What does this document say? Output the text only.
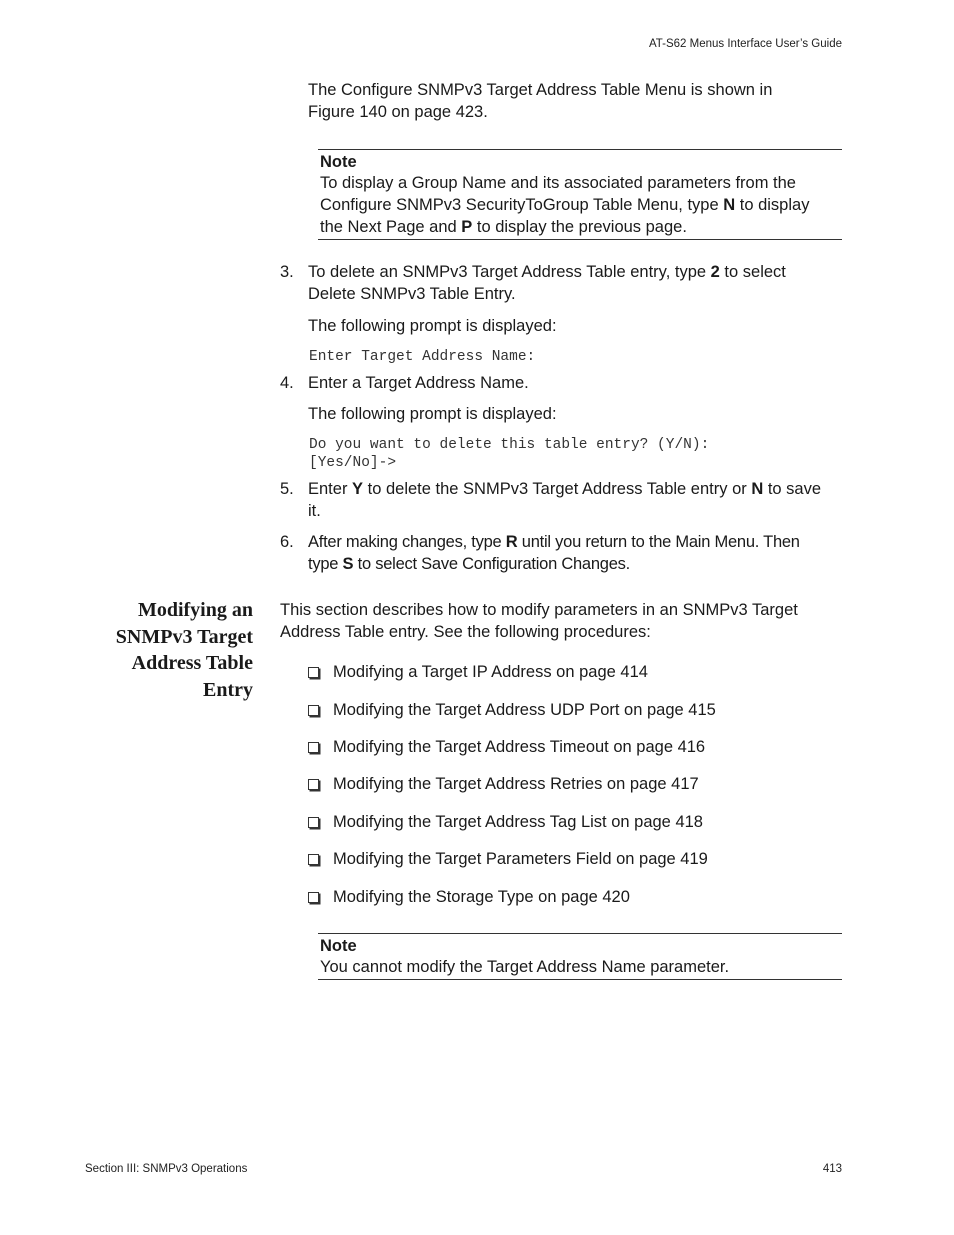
AT-S62 Menus Interface User’s Guide
The Configure SNMPv3 Target Address Table Menu is shown in
Figure 140 on page 423.
Note
To display a Group Name and its associated parameters from the
Configure SNMPv3 SecurityToGroup Table Menu, type N to display
the Next Page and P to display the previous page.
3. To delete an SNMPv3 Target Address Table entry, type 2 to select
Delete SNMPv3 Table Entry.
The following prompt is displayed:
Enter Target Address Name:
4. Enter a Target Address Name.
The following prompt is displayed:
Do you want to delete this table entry? (Y/N):
[Yes/No]->
5. Enter Y to delete the SNMPv3 Target Address Table entry or N to save
it.
6. After making changes, type R until you return to the Main Menu. Then
type S to select Save Configuration Changes.
Modifying an
SNMPv3 Target
Address Table
Entry
This section describes how to modify parameters in an SNMPv3 Target
Address Table entry. See the following procedures:
Modifying a Target IP Address on page 414
Modifying the Target Address UDP Port on page 415
Modifying the Target Address Timeout on page 416
Modifying the Target Address Retries on page 417
Modifying the Target Address Tag List on page 418
Modifying the Target Parameters Field on page 419
Modifying the Storage Type on page 420
Note
You cannot modify the Target Address Name parameter.
Section III: SNMPv3 Operations	413
